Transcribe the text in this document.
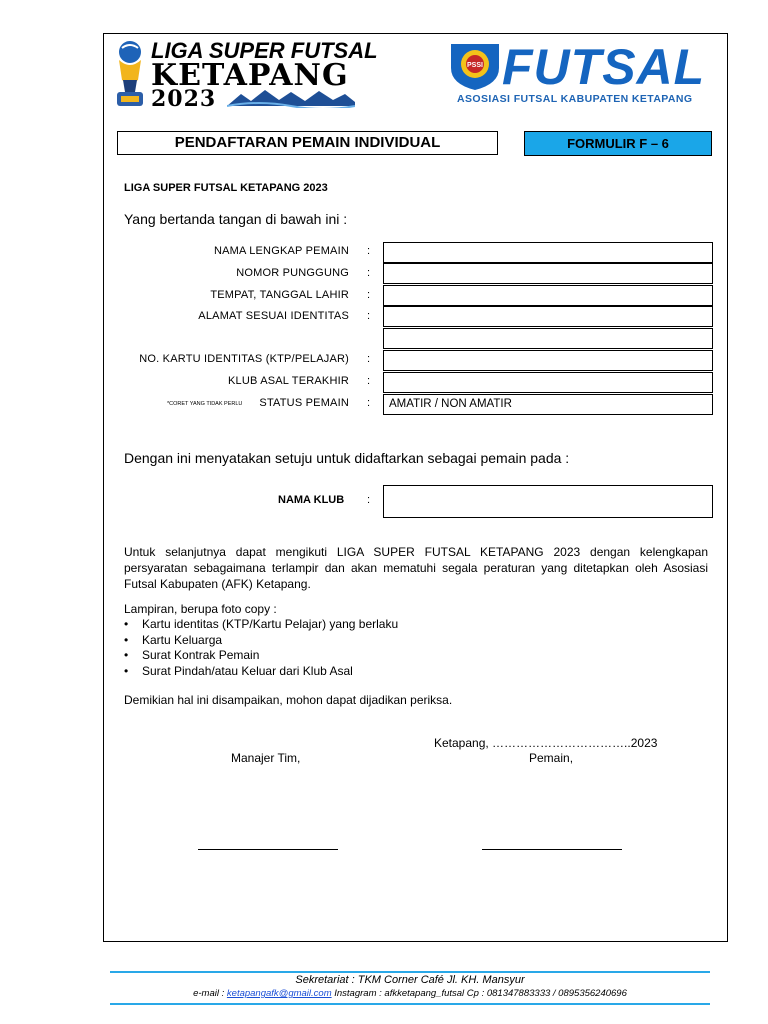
LIGA SUPER FUTSAL
KETAPANG
2023
PSSI FUTSAL
ASOSIASI FUTSAL KABUPATEN KETAPANG
PENDAFTARAN PEMAIN INDIVIDUAL	FORMULIR F – 6
LIGA SUPER FUTSAL KETAPANG 2023
Yang bertanda tangan di bawah ini :
NAMA LENGKAP PEMAIN :
NOMOR PUNGGUNG :
TEMPAT, TANGGAL LAHIR :
ALAMAT SESUAI IDENTITAS :
NO. KARTU IDENTITAS (KTP/PELAJAR) :
KLUB ASAL TERAKHIR :
*CORET YANG TIDAK PERLU STATUS PEMAIN :	AMATIR / NON AMATIR
Dengan ini menyatakan setuju untuk didaftarkan sebagai pemain pada :
NAMA KLUB :
Untuk selanjutnya dapat mengikuti LIGA SUPER FUTSAL KETAPANG 2023 dengan kelengkapan persyaratan sebagaimana terlampir dan akan mematuhi segala peraturan yang ditetapkan oleh Asosiasi Futsal Kabupaten (AFK) Ketapang.
Lampiran, berupa foto copy :
• Kartu identitas (KTP/Kartu Pelajar) yang berlaku
• Kartu Keluarga
• Surat Kontrak Pemain
• Surat Pindah/atau Keluar dari Klub Asal
Demikian hal ini disampaikan, mohon dapat dijadikan periksa.
Ketapang, ……………………………..2023
Manajer Tim,	Pemain,
Sekretariat : TKM Corner Café Jl. KH. Mansyur
e-mail : ketapangafk@gmail.com Instagram : afkketapang_futsal Cp : 081347883333 / 0895356240696
